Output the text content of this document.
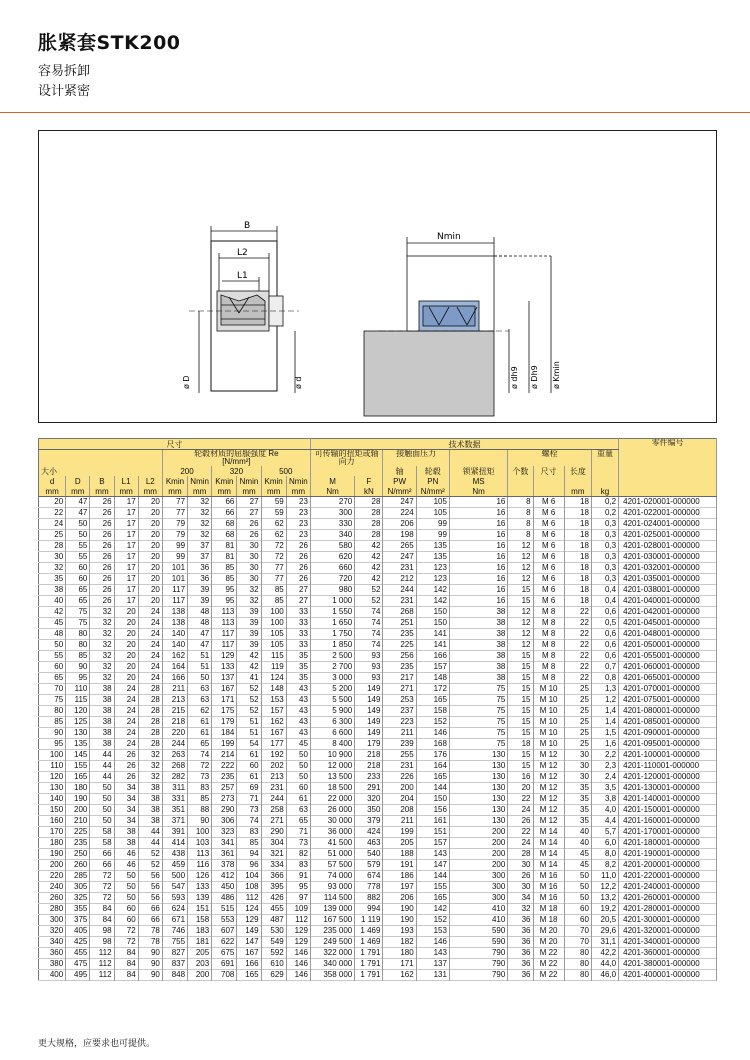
胀紧套STK200
容易拆卸
设计紧密
B
L2
L1
ø D	ø d
Nmin
ø dh9 ø Dh9 ø Kmin
尺寸											技术数据									零件编号
大小					轮毂材质的屈服强度 Re
[N/mm²]						可传输的扭矩或轴向力		接触面压力		锁紧扭矩	螺栓			重量	
					200		320		500				轴	轮毂		个数	尺寸	长度		
d	D	B	L1	L2	Kmin	Nmin	Kmin	Nmin	Kmin	Nmin	M	F	PW	PN	MS					
mm	mm	mm	mm	mm	mm	mm	mm	mm	mm	mm	Nm	kN	N/mm²	N/mm²	Nm			mm	kg	
20	47	26	17	20	77	32	66	27	59	23	270	28	247	105	16	8	M 6	18	0,2	4201-020001-000000
22	47	26	17	20	77	32	66	27	59	23	300	28	224	105	16	8	M 6	18	0,2	4201-022001-000000
24	50	26	17	20	79	32	68	26	62	23	330	28	206	99	16	8	M 6	18	0,3	4201-024001-000000
25	50	26	17	20	79	32	68	26	62	23	340	28	198	99	16	8	M 6	18	0,3	4201-025001-000000
28	55	26	17	20	99	37	81	30	72	26	580	42	265	135	16	12	M 6	18	0,3	4201-028001-000000
30	55	26	17	20	99	37	81	30	72	26	620	42	247	135	16	12	M 6	18	0,3	4201-030001-000000
32	60	26	17	20	101	36	85	30	77	26	660	42	231	123	16	12	M 6	18	0,3	4201-032001-000000
35	60	26	17	20	101	36	85	30	77	26	720	42	212	123	16	12	M 6	18	0,3	4201-035001-000000
38	65	26	17	20	117	39	95	32	85	27	980	52	244	142	16	15	M 6	18	0,4	4201-038001-000000
40	65	26	17	20	117	39	95	32	85	27	1 000	52	231	142	16	15	M 6	18	0,4	4201-040001-000000
42	75	32	20	24	138	48	113	39	100	33	1 550	74	268	150	38	12	M 8	22	0,6	4201-042001-000000
45	75	32	20	24	138	48	113	39	100	33	1 650	74	251	150	38	12	M 8	22	0,5	4201-045001-000000
48	80	32	20	24	140	47	117	39	105	33	1 750	74	235	141	38	12	M 8	22	0,6	4201-048001-000000
50	80	32	20	24	140	47	117	39	105	33	1 850	74	225	141	38	12	M 8	22	0,6	4201-050001-000000
55	85	32	20	24	162	51	129	42	115	35	2 500	93	256	166	38	15	M 8	22	0,6	4201-055001-000000
60	90	32	20	24	164	51	133	42	119	35	2 700	93	235	157	38	15	M 8	22	0,7	4201-060001-000000
65	95	32	20	24	166	50	137	41	124	35	3 000	93	217	148	38	15	M 8	22	0,8	4201-065001-000000
70	110	38	24	28	211	63	167	52	148	43	5 200	149	271	172	75	15	M 10	25	1,3	4201-070001-000000
75	115	38	24	28	213	63	171	52	153	43	5 500	149	253	165	75	15	M 10	25	1,2	4201-075001-000000
80	120	38	24	28	215	62	175	52	157	43	5 900	149	237	158	75	15	M 10	25	1,4	4201-080001-000000
85	125	38	24	28	218	61	179	51	162	43	6 300	149	223	152	75	15	M 10	25	1,4	4201-085001-000000
90	130	38	24	28	220	61	184	51	167	43	6 600	149	211	146	75	15	M 10	25	1,5	4201-090001-000000
95	135	38	24	28	244	65	199	54	177	45	8 400	179	239	168	75	18	M 10	25	1,6	4201-095001-000000
100	145	44	26	32	263	74	214	61	192	50	10 900	218	255	176	130	15	M 12	30	2,2	4201-100001-000000
110	155	44	26	32	268	72	222	60	202	50	12 000	218	231	164	130	15	M 12	30	2,3	4201-110001-000000
120	165	44	26	32	282	73	235	61	213	50	13 500	233	226	165	130	16	M 12	30	2,4	4201-120001-000000
130	180	50	34	38	311	83	257	69	231	60	18 500	291	200	144	130	20	M 12	35	3,5	4201-130001-000000
140	190	50	34	38	331	85	273	71	244	61	22 000	320	204	150	130	22	M 12	35	3,8	4201-140001-000000
150	200	50	34	38	351	88	290	73	258	63	26 000	350	208	156	130	24	M 12	35	4,0	4201-150001-000000
160	210	50	34	38	371	90	306	74	271	65	30 000	379	211	161	130	26	M 12	35	4,4	4201-160001-000000
170	225	58	38	44	391	100	323	83	290	71	36 000	424	199	151	200	22	M 14	40	5,7	4201-170001-000000
180	235	58	38	44	414	103	341	85	304	73	41 500	463	205	157	200	24	M 14	40	6,0	4201-180001-000000
190	250	66	46	52	438	113	361	94	321	82	51 000	540	188	143	200	28	M 14	45	8,0	4201-190001-000000
200	260	66	46	52	459	116	378	96	334	83	57 500	579	191	147	200	30	M 14	45	8,2	4201-200001-000000
220	285	72	50	56	500	126	412	104	366	91	74 000	674	186	144	300	26	M 16	50	11,0	4201-220001-000000
240	305	72	50	56	547	133	450	108	395	95	93 000	778	197	155	300	30	M 16	50	12,2	4201-240001-000000
260	325	72	50	56	593	139	486	112	426	97	114 500	882	206	165	300	34	M 16	50	13,2	4201-260001-000000
280	355	84	60	66	624	151	515	124	455	109	139 000	994	190	142	410	32	M 18	60	19,2	4201-280001-000000
300	375	84	60	66	671	158	553	129	487	112	167 500	1 119	190	152	410	36	M 18	60	20,5	4201-300001-000000
320	405	98	72	78	746	183	607	149	530	129	235 000	1 469	193	153	590	36	M 20	70	29,6	4201-320001-000000
340	425	98	72	78	755	181	622	147	549	129	249 500	1 469	182	146	590	36	M 20	70	31,1	4201-340001-000000
360	455	112	84	90	827	205	675	167	592	146	322 000	1 791	180	143	790	36	M 22	80	42,2	4201-360001-000000
380	475	112	84	90	837	203	691	166	610	146	340 000	1 791	171	137	790	36	M 22	80	44,0	4201-380001-000000
400	495	112	84	90	848	200	708	165	629	146	358 000	1 791	162	131	790	36	M 22	80	46,0	4201-400001-000000
更大规格，应要求也可提供。
